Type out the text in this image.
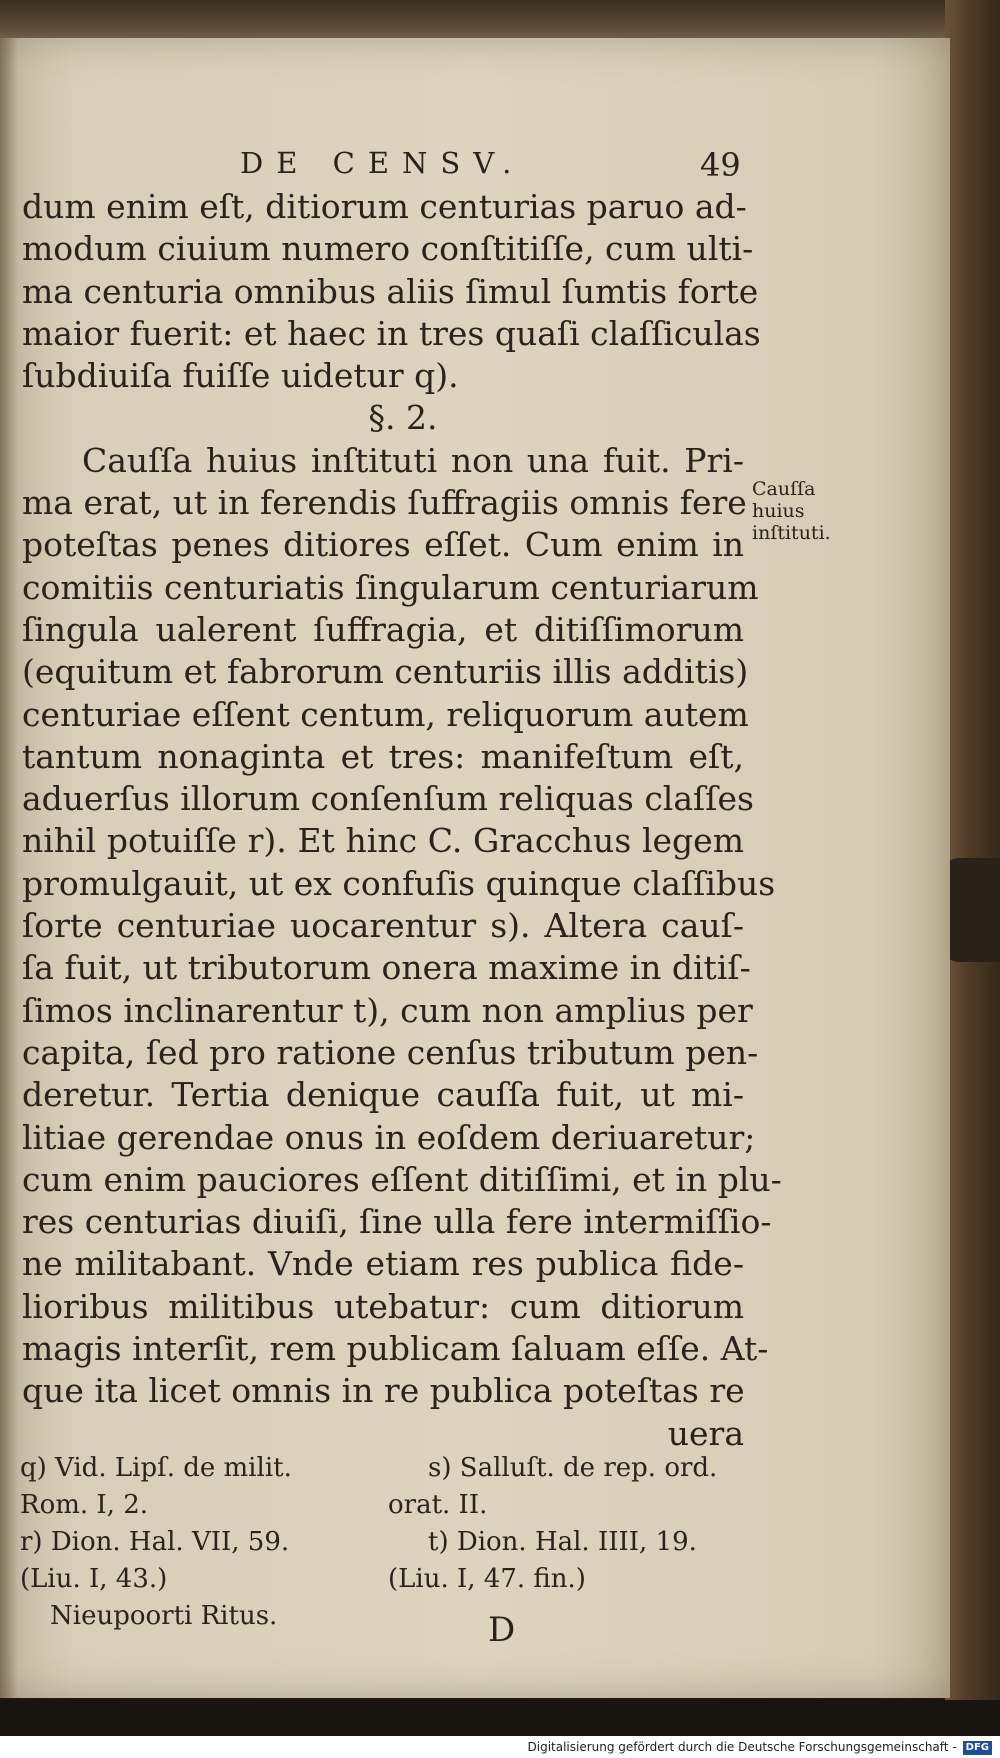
DE CENSV.	49
dum enim eſt, ditiorum centurias paruo ad-
modum ciuium numero conſtitiſſe, cum ulti-
ma centuria omnibus aliis ſimul ſumtis forte
maior fuerit: et haec in tres quaſi claſſiculas
ſubdiuiſa fuiſſe uidetur q).
§. 2.
Cauſſa huius inſtituti non una fuit. Pri-
ma erat, ut in ferendis ſuffragiis omnis fere
poteſtas penes ditiores eſſet. Cum enim in
comitiis centuriatis ſingularum centuriarum
ſingula ualerent ſuffragia, et ditiſſimorum
(equitum et fabrorum centuriis illis additis)
centuriae eſſent centum, reliquorum autem
tantum nonaginta et tres: manifeſtum eſt,
aduerſus illorum conſenſum reliquas claſſes
nihil potuiſſe r). Et hinc C. Gracchus legem
promulgauit, ut ex confuſis quinque claſſibus
ſorte centuriae uocarentur s). Altera cauſ-
ſa fuit, ut tributorum onera maxime in ditiſ-
ſimos inclinarentur t), cum non amplius per
capita, ſed pro ratione cenſus tributum pen-
deretur. Tertia denique cauſſa fuit, ut mi-
litiae gerendae onus in eoſdem deriuaretur;
cum enim pauciores eſſent ditiſſimi, et in plu-
res centurias diuiſi, ſine ulla fere intermiſſio-
ne militabant. Vnde etiam res publica fide-
lioribus militibus utebatur: cum ditiorum
magis interſit, rem publicam ſaluam eſſe. At-
que ita licet omnis in re publica poteſtas re
uera
Cauſſa
huius
inſtituti.
q) Vid. Lipſ. de milit.
Rom. I, 2.
r) Dion. Hal. VII, 59.
(Liu. I, 43.)
Nieupoorti Ritus.
s) Salluſt. de rep. ord.
orat. II.
t) Dion. Hal. IIII, 19.
(Liu. I, 47. fin.)
D
Digitalisierung gefördert durch die Deutsche Forschungsgemeinschaft - DFG
